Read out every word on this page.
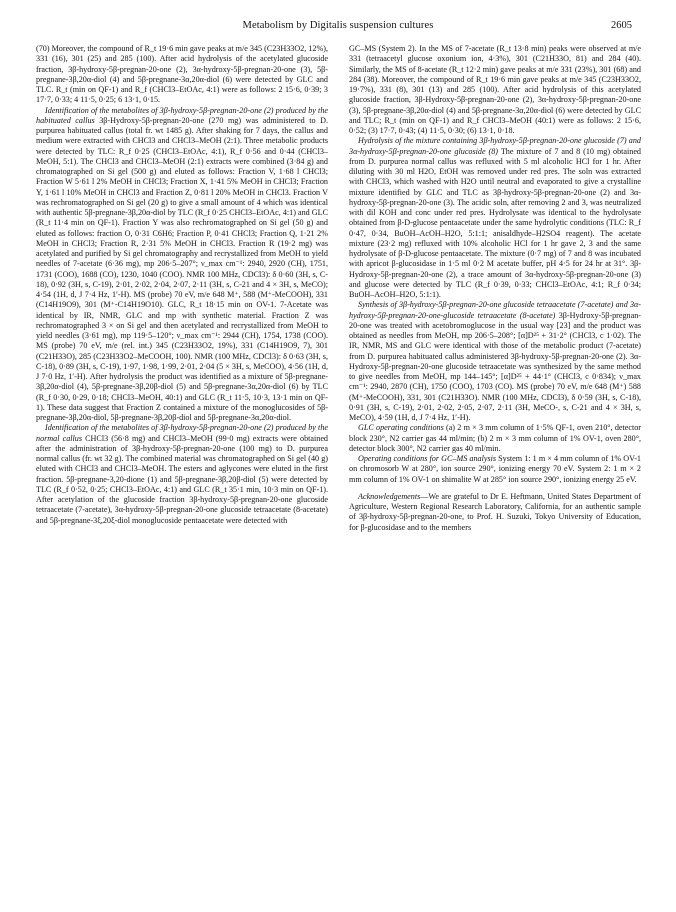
Metabolism by Digitalis suspension cultures	2605

(70) Moreover, the compound of R_t 19·6 min gave peaks at m/e 345 (C23H33O2, 12%), 331 (16), 301 (25) and 285 (100). After acid hydrolysis of the acetylated glucoside fraction, 3β-hydroxy-5β-pregnan-20-one (2), 3α-hydroxy-5β-pregnan-20-one (3), 5β-pregnane-3β,20α-diol (4) and 5β-pregnane-3α,20α-diol (6) were detected by GLC and TLC. R_t (min on QF-1) and R_f (CHCl3–EtOAc, 4:1) were as follows: 2 15·6, 0·39; 3 17·7, 0·33; 4 11·5, 0·25; 6 13·1, 0·15.

Identification of the metabolites of 3β-hydroxy-5β-pregnan-20-one (2) produced by the habituated callus 3β-Hydroxy-5β-pregnan-20-one (270 mg) was administered to D. purpurea habituated callus (total fr. wt 1485 g). After shaking for 7 days, the callus and medium were extracted with CHCl3 and CHCl3–MeOH (2:1). Three metabolic products were detected by TLC: R_f 0·25 (CHCl3–EtOAc, 4:1), R_f 0·56 and 0·44 (CHCl3–MeOH, 5:1). The CHCl3 and CHCl3–MeOH (2:1) extracts were combined (3·84 g) and chromatographed on Si gel (500 g) and eluted as follows: Fraction V, 1·68 l CHCl3; Fraction W 5·61 l 2% MeOH in CHCl3; Fraction X, 1·41 5% MeOH in CHCl3; Fraction Y, 1·61 l 10% MeOH in CHCl3 and Fraction Z, 0·81 l 20% MeOH in CHCl3. Fraction V was rechromatographed on Si gel (20 g) to give a small amount of 4 which was identical with authentic 5β-pregnane-3β,20α-diol by TLC (R_f 0·25 CHCl3–EtOAc, 4:1) and GLC (R_t 11·4 min on QF-1). Fraction Y was also rechromatographed on Si gel (50 g) and eluted as follows: fraction O, 0·31 C6H6; Fraction P, 0·41 CHCl3; Fraction Q, 1·21 2% MeOH in CHCl3; Fraction R, 2·31 5% MeOH in CHCl3. Fraction R (19·2 mg) was acetylated and purified by Si gel chromatography and recrystallized from MeOH to yield needles of 7-acetate (6·36 mg), mp 206·5–207°; ν_max cm⁻¹: 2940, 2920 (CH), 1751, 1731 (COO), 1688 (CO), 1230, 1040 (COO). NMR 100 MHz, CDCl3): δ 0·60 (3H, s, C-18), 0·92 (3H, s, C-19), 2·01, 2·02, 2·04, 2·07, 2·11 (3H, s, C-21 and 4 × 3H, s, MeCO); 4·54 (1H, d, J 7·4 Hz, 1′-H). MS (probe) 70 eV, m/e 648 M⁺, 588 (M⁺-MeCOOH), 331 (C14H19O9), 301 (M⁺-C14H19O10). GLC, R_t 18·15 min on OV-1. 7-Acetate was identical by IR, NMR, GLC and mp with synthetic material. Fraction Z was rechromatographed 3 × on Si gel and then acetylated and recrystallized from MeOH to yield needles (3·61 mg), mp 119·5–120°; ν_max cm⁻¹: 2944 (CH), 1754, 1738 (COO). MS (probe) 70 eV, m/e (rel. int.) 345 (C23H33O2, 19%), 331 (C14H19O9, 7), 301 (C21H33O), 285 (C23H33O2–MeCOOH, 100). NMR (100 MHz, CDCl3): δ 0·63 (3H, s, C-18), 0·89 (3H, s, C-19), 1·97, 1·98, 1·99, 2·01, 2·04 (5 × 3H, s, MeCOO), 4·56 (1H, d, J 7·0 Hz, 1′-H). After hydrolysis the product was identified as a mixture of 5β-pregnane-3β,20α-diol (4), 5β-pregnane-3β,20β-diol (5) and 5β-pregnane-3α,20α-diol (6) by TLC (R_f 0·30, 0·29, 0·18; CHCl3–MeOH, 40:1) and GLC (R_t 11·5, 10·3, 13·1 min on QF-1). These data suggest that Fraction Z contained a mixture of the monoglucosides of 5β-pregnane-3β,20α-diol, 5β-pregnane-3β,20β-diol and 5β-pregnane-3α,20α-diol.

Identification of the metabolites of 3β-hydroxy-5β-pregnan-20-one (2) produced by the normal callus CHCl3 (56·8 mg) and CHCl3–MeOH (99·0 mg) extracts were obtained after the administration of 3β-hydroxy-5β-pregnan-20-one (100 mg) to D. purpurea normal callus (fr. wt 32 g). The combined material was chromatographed on Si gel (40 g) eluted with CHCl3 and CHCl3–MeOH. The esters and aglycones were eluted in the first fraction. 5β-pregnane-3,20-dione (1) and 5β-pregnane-3β,20β-diol (5) were detected by TLC (R_f 0·52, 0·25; CHCl3–EtOAc, 4:1) and GLC (R_t 35·1 min, 10·3 min on QF-1). After acetylation of the glucoside fraction 3β-hydroxy-5β-pregnan-20-one glucoside tetraacetate (7-acetate), 3α-hydroxy-5β-pregnan-20-one glucoside tetraacetate (8-acetate) and 5β-pregnane-3ξ,20ξ-diol monoglucoside pentaacetate were detected with

GC–MS (System 2). In the MS of 7-acetate (R_t 13·8 min) peaks were observed at m/e 331 (tetraacetyl glucose oxonium ion, 4·3%), 301 (C21H33O, 81) and 284 (40). Similarly, the MS of 8-acetate (R_t 12·2 min) gave peaks at m/e 331 (23%), 301 (68) and 284 (38). Moreover, the compound of R_t 19·6 min gave peaks at m/e 345 (C23H33O2, 19·7%), 331 (8), 301 (13) and 285 (100). After acid hydrolysis of this acetylated glucoside fraction, 3β-Hydroxy-5β-pregnan-20-one (2), 3α-hydroxy-5β-pregnan-20-one (3), 5β-pregnane-3β,20α-diol (4) and 5β-pregnane-3α,20α-diol (6) were detected by GLC and TLC; R_t (min on QF-1) and R_f CHCl3–MeOH (40:1) were as follows: 2 15·6, 0·52; (3) 17·7, 0·43; (4) 11·5, 0·30; (6) 13·1, 0·18.

Hydrolysis of the mixture containing 3β-hydroxy-5β-pregnan-20-one glucoside (7) and 3α-hydroxy-5β-pregnan-20-one glucoside (8) The mixture of 7 and 8 (10 mg) obtained from D. purpurea normal callus was refluxed with 5 ml alcoholic HCl for 1 hr. After diluting with 30 ml H2O, EtOH was removed under red pres. The soln was extracted with CHCl3, which washed with H2O until neutral and evaporated to give a crystalline mixture identified by GLC and TLC as 3β-hydroxy-5β-pregnan-20-one (2) and 3α-hydroxy-5β-pregnan-20-one (3). The acidic soln, after removing 2 and 3, was neutralized with dil KOH and conc under red pres. Hydrolysate was identical to the hydrolysate obtained from β-D-glucose pentaacetate under the same hydrolytic conditions (TLC: R_f 0·47, 0·34, BuOH–AcOH–H2O, 5:1:1; anisaldhyde–H2SO4 reagent). The acetate mixture (23·2 mg) refluxed with 10% alcoholic HCl for 1 hr gave 2, 3 and the same hydrolysate of β-D-glucose pentaacetate. The mixture (0·7 mg) of 7 and 8 was incubated with apricot β-glucosidase in 1·5 ml 0·2 M acetate buffer, pH 4·5 for 24 hr at 31°. 3β-Hydroxy-5β-pregnan-20-one (2), a trace amount of 3α-hydroxy-5β-pregnan-20-one (3) and glucose were detected by TLC (R_f 0·39, 0·33; CHCl3–EtOAc, 4:1; R_f 0·34; BuOH–AcOH–H2O, 5:1:1).

Synthesis of 3β-hydroxy-5β-pregnan-20-one glucoside tetraacetate (7-acetate) and 3α-hydroxy-5β-pregnan-20-one-glucoside tetraacetate (8-acetate) 3β-Hydroxy-5β-pregnan-20-one was treated with acetobromoglucose in the usual way [23] and the product was obtained as needles from MeOH, mp 206·5–208°; [α]D²⁵ + 31·2° (CHCl3, c 1·02). The IR, NMR, MS and GLC were identical with those of the metabolic product (7-acetate) from D. purpurea habituated callus administered 3β-hydroxy-5β-pregnan-20-one (2). 3α-Hydroxy-5β-pregnan-20-one glucoside tetraacetate was synthesized by the same method to give needles from MeOH, mp 144–145°; [α]D²⁵ + 44·1° (CHCl3, c 0·834); ν_max cm⁻¹: 2940, 2870 (CH), 1750 (COO), 1703 (CO). MS (probe) 70 eV, m/e 648 (M⁺) 588 (M⁺-MeCOOH), 331, 301 (C21H33O). NMR (100 MHz, CDCl3), δ 0·59 (3H, s, C-18), 0·91 (3H, s, C-19), 2·01, 2·02, 2·05, 2·07, 2·11 (3H, MeCO-, s, C-21 and 4 × 3H, s, MeCO), 4·59 (1H, d, J 7·4 Hz, 1′-H).

GLC operating conditions (a) 2 m × 3 mm column of 1·5% QF-1, oven 210°, detector block 230°, N2 carrier gas 44 ml/min; (b) 2 m × 3 mm column of 1% OV-1, oven 280°, detector block 300°, N2 carrier gas 40 ml/min.

Operating conditions for GC–MS analysis System 1: 1 m × 4 mm column of 1% OV-1 on chromosorb W at 280°, ion source 290°, ionizing energy 70 eV. System 2: 1 m × 2 mm column of 1% OV-1 on shimalite W at 285° ion source 290°, ionizing energy 25 eV.

Acknowledgements—We are grateful to Dr E. Heftmann, United States Department of Agriculture, Western Regional Research Laboratory, California, for an authentic sample of 3β-hydroxy-5β-pregnan-20-one, to Prof. H. Suzuki, Tokyo University of Education, for β-glucosidase and to the members
